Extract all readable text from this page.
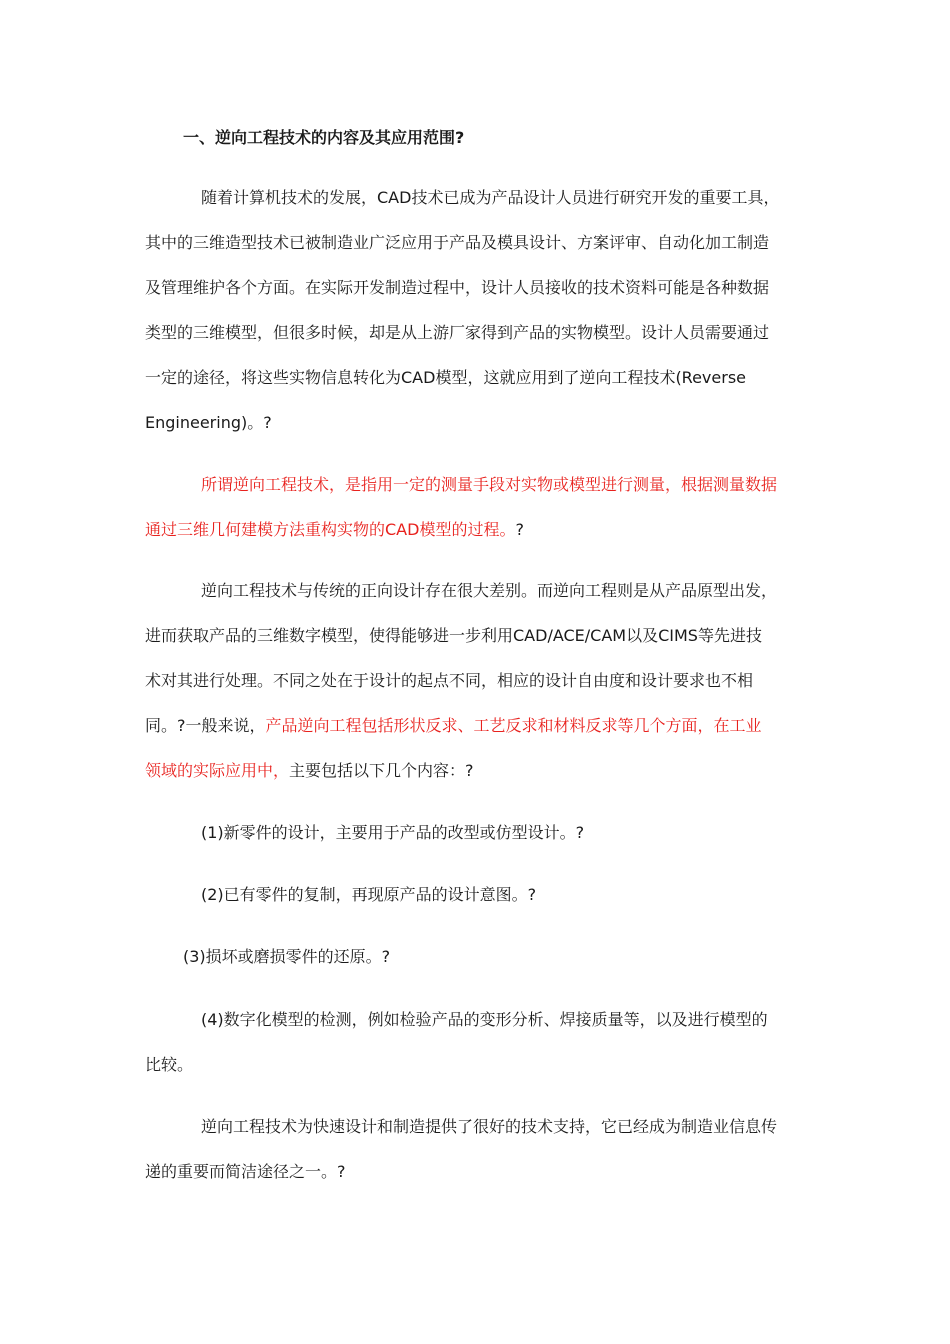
一、逆向工程技术的内容及其应用范围?
随着计算机技术的发展，CAD技术已成为产品设计人员进行研究开发的重要工具，
其中的三维造型技术已被制造业广泛应用于产品及模具设计、方案评审、自动化加工制造
及管理维护各个方面。在实际开发制造过程中，设计人员接收的技术资料可能是各种数据
类型的三维模型，但很多时候，却是从上游厂家得到产品的实物模型。设计人员需要通过
一定的途径，将这些实物信息转化为CAD模型，这就应用到了逆向工程技术(Reverse
Engineering)。?
所谓逆向工程技术，是指用一定的测量手段对实物或模型进行测量，根据测量数据
通过三维几何建模方法重构实物的CAD模型的过程。?
逆向工程技术与传统的正向设计存在很大差别。而逆向工程则是从产品原型出发，
进而获取产品的三维数字模型，使得能够进一步利用CAD/ACE/CAM以及CIMS等先进技
术对其进行处理。不同之处在于设计的起点不同，相应的设计自由度和设计要求也不相
同。?一般来说，产品逆向工程包括形状反求、工艺反求和材料反求等几个方面，在工业
领域的实际应用中，主要包括以下几个内容：?
(1)新零件的设计，主要用于产品的改型或仿型设计。?
(2)已有零件的复制，再现原产品的设计意图。?
(3)损坏或磨损零件的还原。?
(4)数字化模型的检测，例如检验产品的变形分析、焊接质量等，以及进行模型的
比较。
逆向工程技术为快速设计和制造提供了很好的技术支持，它已经成为制造业信息传
递的重要而简洁途径之一。?
